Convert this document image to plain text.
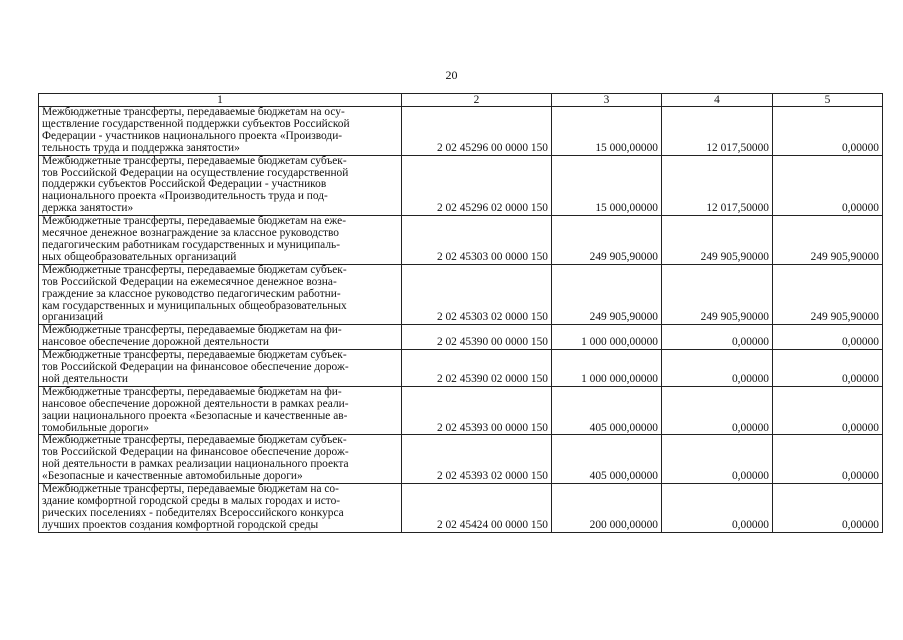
20
1	2	3	4	5

Межбюджетные трансферты, передаваемые бюджетам на осу-
ществление государственной поддержки субъектов Российской
Федерации - участников национального проекта «Производи-
тельность труда и поддержка занятости»	2 02 45296 00 0000 150	15 000,00000	12 017,50000	0,00000

Межбюджетные трансферты, передаваемые бюджетам субъек-
тов Российской Федерации на осуществление государственной
поддержки субъектов Российской Федерации - участников
национального проекта «Производительность труда и под-
держка занятости»	2 02 45296 02 0000 150	15 000,00000	12 017,50000	0,00000

Межбюджетные трансферты, передаваемые бюджетам на еже-
месячное денежное вознаграждение за классное руководство
педагогическим работникам государственных и муниципаль-
ных общеобразовательных организаций	2 02 45303 00 0000 150	249 905,90000	249 905,90000	249 905,90000

Межбюджетные трансферты, передаваемые бюджетам субъек-
тов Российской Федерации на ежемесячное денежное возна-
граждение за классное руководство педагогическим работни-
кам государственных и муниципальных общеобразовательных
организаций	2 02 45303 02 0000 150	249 905,90000	249 905,90000	249 905,90000

Межбюджетные трансферты, передаваемые бюджетам на фи-
нансовое обеспечение дорожной деятельности	2 02 45390 00 0000 150	1 000 000,00000	0,00000	0,00000

Межбюджетные трансферты, передаваемые бюджетам субъек-
тов Российской Федерации на финансовое обеспечение дорож-
ной деятельности	2 02 45390 02 0000 150	1 000 000,00000	0,00000	0,00000

Межбюджетные трансферты, передаваемые бюджетам на фи-
нансовое обеспечение дорожной деятельности в рамках реали-
зации национального проекта «Безопасные и качественные ав-
томобильные дороги»	2 02 45393 00 0000 150	405 000,00000	0,00000	0,00000

Межбюджетные трансферты, передаваемые бюджетам субъек-
тов Российской Федерации на финансовое обеспечение дорож-
ной деятельности в рамках реализации национального проекта
«Безопасные и качественные автомобильные дороги»	2 02 45393 02 0000 150	405 000,00000	0,00000	0,00000

Межбюджетные трансферты, передаваемые бюджетам на со-
здание комфортной городской среды в малых городах и исто-
рических поселениях - победителях Всероссийского конкурса
лучших проектов создания комфортной городской среды	2 02 45424 00 0000 150	200 000,00000	0,00000	0,00000
